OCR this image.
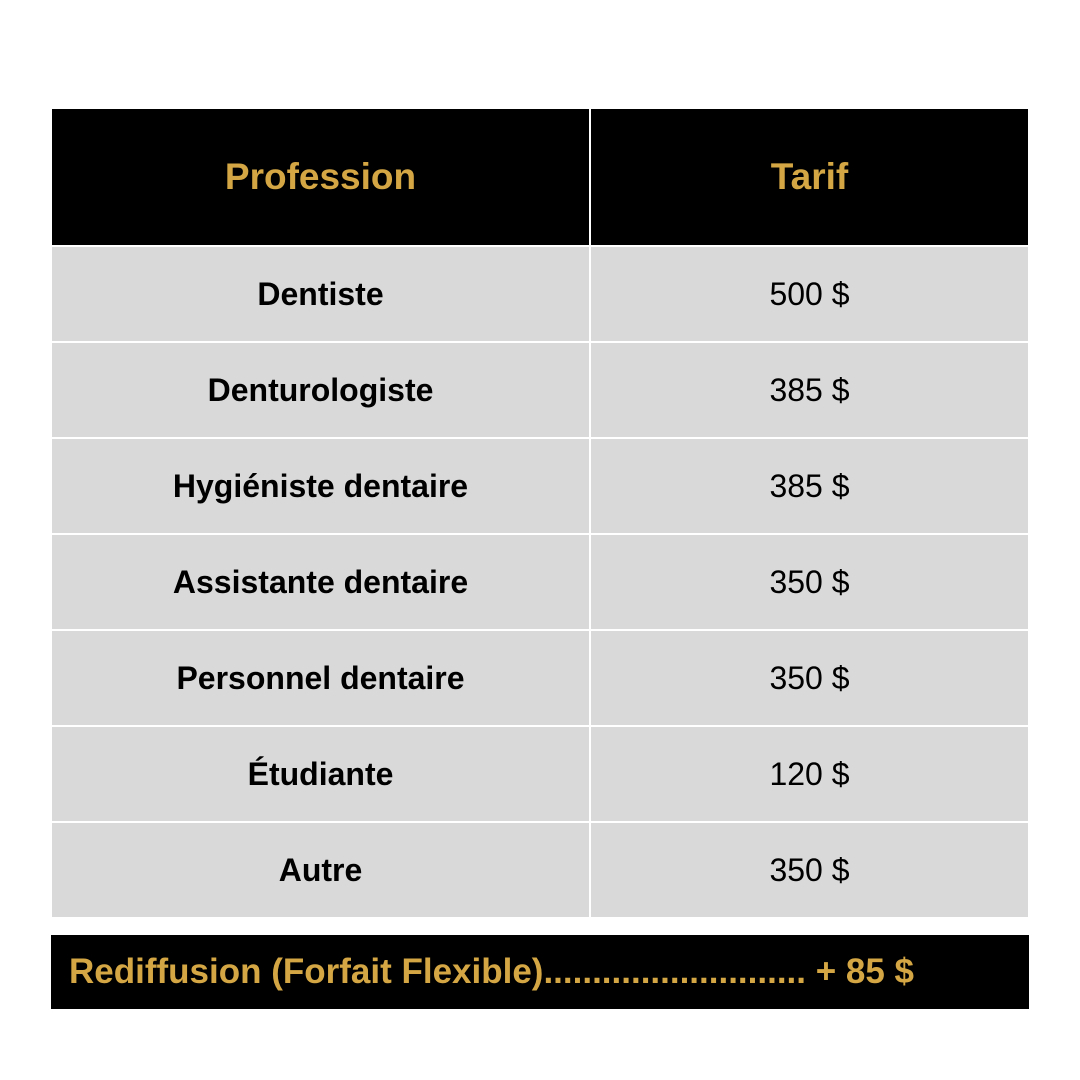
Profession	Tarif
Dentiste	500 $
Denturologiste	385 $
Hygiéniste dentaire	385 $
Assistante dentaire	350 $
Personnel dentaire	350 $
Étudiante	120 $
Autre	350 $
Rediffusion (Forfait Flexible)........................... + 85 $
